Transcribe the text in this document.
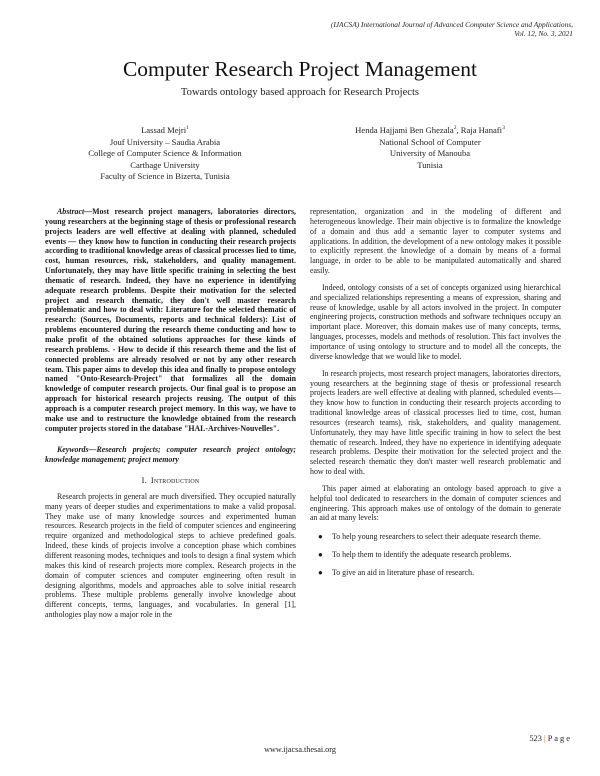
(IJACSA) International Journal of Advanced Computer Science and Applications,
Vol. 12, No. 3, 2021
Computer Research Project Management
Towards ontology based approach for Research Projects
Lassad Mejri$^1$
Jouf University – Saudia Arabia
College of Computer Science & Information
Carthage University
Faculty of Science in Bizerta, Tunisia
Henda Hajjami Ben Ghezala$^2$, Raja Hanafi$^3$
National School of Computer
University of Manouba
Tunisia

Abstract—Most research project managers, laboratories directors, young researchers at the beginning stage of thesis or professional research projects leaders are well effective at dealing with planned, scheduled events — they know how to function in conducting their research projects according to traditional knowledge areas of classical processes lied to time, cost, human resources, risk, stakeholders, and quality management. Unfortunately, they may have little specific training in selecting the best thematic of research. Indeed, they have no experience in identifying adequate research problems. Despite their motivation for the selected project and research thematic, they don't well master research problematic and how to deal with: Literature for the selected thematic of research: (Sources, Documents, reports and technical folders): List of problems encountered during the research theme conducting and how to make profit of the obtained solutions approaches for these kinds of research problems. - How to decide if this research theme and the list of connected problems are already resolved or not by any other research team. This paper aims to develop this idea and finally to propose ontology named "Onto-Research-Project" that formalizes all the domain knowledge of computer research projects. Our final goal is to propose an approach for historical research projects reusing. The output of this approach is a computer research project memory. In this way, we have to make use and to restructure the knowledge obtained from the research computer projects stored in the database "HAL-Archives-Nouvelles".

Keywords—Research projects; computer research project ontology; knowledge management; project memory

I. Introduction

Research projects in general are much diversified. They occupied naturally many years of deeper studies and experimentations to make a valid proposal. They make use of many knowledge sources and experimented human resources. Research projects in the field of computer sciences and engineering require organized and methodological steps to achieve predefined goals. Indeed, these kinds of projects involve a conception phase which combines different reasoning modes, techniques and tools to design a final system which makes this kind of research projects more complex. Research projects in the domain of computer sciences and computer engineering often result in designing algorithms, models and approaches able to solve initial research problems. These multiple problems generally involve knowledge about different concepts, terms, languages, and vocabularies. In general [1], anthologies play now a major role in the

representation, organization and in the modeling of different and heterogeneous knowledge. Their main objective is to formalize the knowledge of a domain and thus add a semantic layer to computer systems and applications. In addition, the development of a new ontology makes it possible to explicitly represent the knowledge of a domain by means of a formal language, in order to be able to be manipulated automatically and shared easily.

Indeed, ontology consists of a set of concepts organized using hierarchical and specialized relationships representing a means of expression, sharing and reuse of knowledge, usable by all actors involved in the project. In computer engineering projects, construction methods and software techniques occupy an important place. Moreover, this domain makes use of many concepts, terms, languages, processes, models and methods of resolution. This fact involves the importance of using ontology to structure and to model all the concepts, the diverse knowledge that we would like to model.

In research projects, most research project managers, laboratories directors, young researchers at the beginning stage of thesis or professional research projects leaders are well effective at dealing with planned, scheduled events—they know how to function in conducting their research projects according to traditional knowledge areas of classical processes lied to time, cost, human resources (research teams), risk, stakeholders, and quality management. Unfortunately, they may have little specific training in how to select the best thematic of research. Indeed, they have no experience in identifying adequate research problems. Despite their motivation for the selected project and the selected research thematic they don't master well research problematic and how to deal with.

This paper aimed at elaborating an ontology based approach to give a helpful tool dedicated to researchers in the domain of computer sciences and engineering. This approach makes use of ontology of the domain to generate an aid at many levels:

● To help young researchers to select their adequate research theme.
● To help them to identify the adequate research problems.
● To give an aid in literature phase of research.
523 | P a g e
www.ijacsa.thesai.org
